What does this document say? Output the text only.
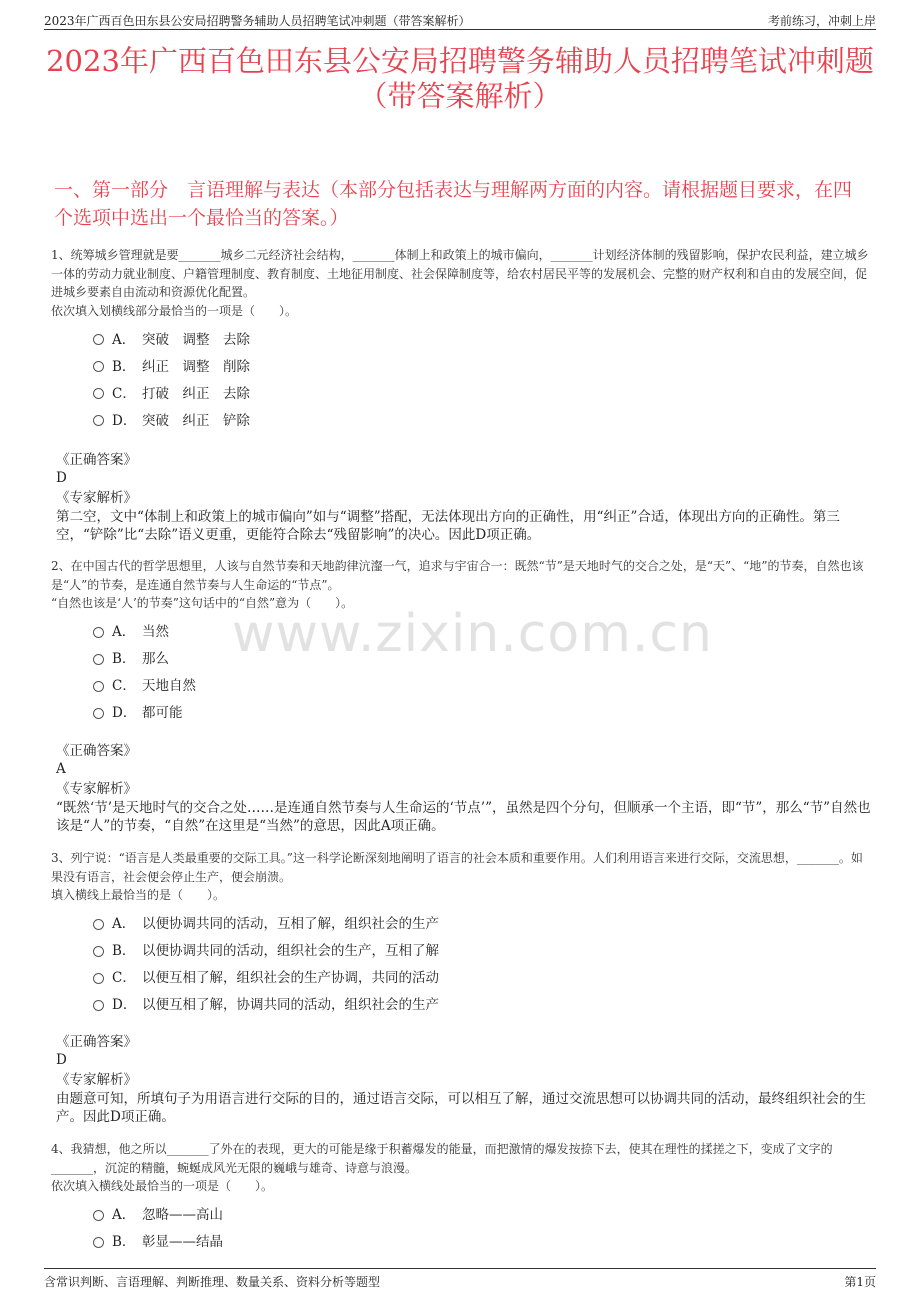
2023年广西百色田东县公安局招聘警务辅助人员招聘笔试冲刺题（带答案解析）	考前练习，冲刺上岸
2023年广西百色田东县公安局招聘警务辅助人员招聘笔试冲刺题（带答案解析）
一、第一部分　言语理解与表达（本部分包括表达与理解两方面的内容。请根据题目要求，在四个选项中选出一个最恰当的答案。）
www.zixin.com.cn

1、统筹城乡管理就是要_______城乡二元经济社会结构，_______体制上和政策上的城市偏向，_______计划经济体制的残留影响，保护农民利益，建立城乡一体的劳动力就业制度、户籍管理制度、教育制度、土地征用制度、社会保障制度等，给农村居民平等的发展机会、完整的财产权利和自由的发展空间，促进城乡要素自由流动和资源优化配置。

依次填入划横线部分最恰当的一项是（　　）。

A． 突破　调整　去除
B． 纠正　调整　削除
C． 打破　纠正　去除
D． 突破　纠正　铲除
《正确答案》
D
《专家解析》
第二空，文中“体制上和政策上的城市偏向”如与“调整”搭配，无法体现出方向的正确性，用“纠正”合适，体现出方向的正确性。第三空，“铲除”比“去除”语义更重，更能符合除去“残留影响”的决心。因此D项正确。

2、在中国古代的哲学思想里，人该与自然节奏和天地韵律沆瀣一气，追求与宇宙合一：既然“节”是天地时气的交合之处，是“天”、“地”的节奏，自然也该是“人”的节奏，是连通自然节奏与人生命运的“节点”。

“自然也该是‘人’的节奏”这句话中的“自然”意为（　　）。

A． 当然
B． 那么
C． 天地自然
D． 都可能
《正确答案》
A
《专家解析》
“既然‘节’是天地时气的交合之处……是连通自然节奏与人生命运的‘节点’”，虽然是四个分句，但顺承一个主语，即“节”，那么“节”自然也该是“人”的节奏，“自然”在这里是“当然”的意思，因此A项正确。

3、列宁说：“语言是人类最重要的交际工具。”这一科学论断深刻地阐明了语言的社会本质和重要作用。人们利用语言来进行交际，交流思想，_______。如果没有语言，社会便会停止生产，便会崩溃。

填入横线上最恰当的是（　　）。

A． 以便协调共同的活动，互相了解，组织社会的生产
B． 以便协调共同的活动，组织社会的生产，互相了解
C． 以便互相了解，组织社会的生产协调，共同的活动
D． 以便互相了解，协调共同的活动，组织社会的生产
《正确答案》
D
《专家解析》
由题意可知，所填句子为用语言进行交际的目的，通过语言交际，可以相互了解，通过交流思想可以协调共同的活动，最终组织社会的生产。因此D项正确。

4、我猜想，他之所以_______了外在的表现，更大的可能是缘于积蓄爆发的能量，而把激情的爆发按捺下去，使其在理性的揉搓之下，变成了文字的_______，沉淀的精髓，蜿蜒成风光无限的巍峨与雄奇、诗意与浪漫。

依次填入横线处最恰当的一项是（　　）。

A． 忽略——高山
B． 彰显——结晶
含常识判断、言语理解、判断推理、数量关系、资料分析等题型	第1页
